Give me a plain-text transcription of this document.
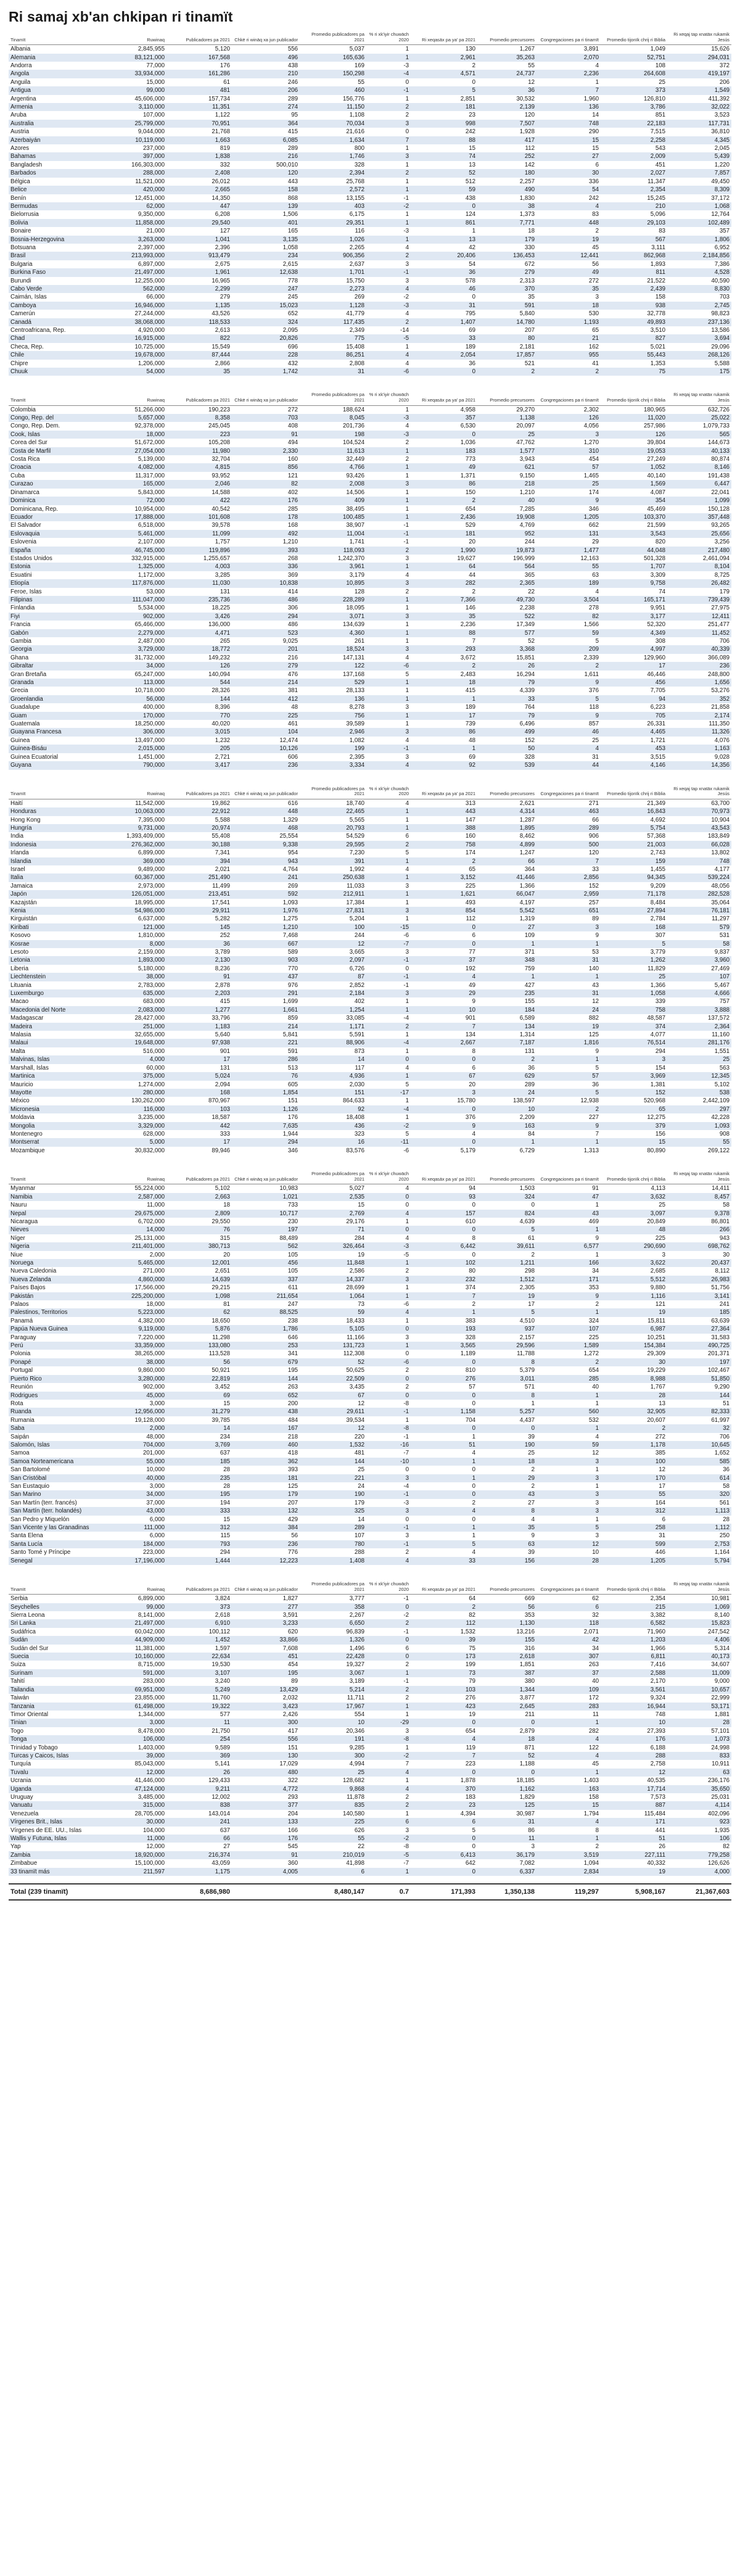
Ri samaj xb'an chkipan ri tinamït
Tinamït	Ruwinaq	Publicadores pa 2021	Chkë ri winäq xa jun publicador	Promedio publicadores pa 2021	% ri xk'iyir chuwäch 2020	Ri xeqasäx pa ya' pa 2021	Promedio precursores	Congregaciones pa ri tinamït	Promedio tijonïk chrij ri Biblia	Ri xeqaj tap xnatäx rukamik Jesús
Albania	2,845,955	5,120	556	5,037	1	130	1,267	3,891	1,049	15,626
Alemania	83,121,000	167,568	496	165,636	1	2,961	35,263	2,070	52,751	294,031
Andorra	77,000	176	438	169	-3	2	55	4	108	372
Angola	33,934,000	161,286	210	150,298	-4	4,571	24,737	2,236	264,608	419,197
Anguila	15,000	61	246	55	0	0	12	1	25	206
Antigua	99,000	481	206	460	-1	5	36	7	373	1,549
Argentina	45,606,000	157,734	289	156,776	1	2,851	30,532	1,960	126,810	411,392
Armenia	3,110,000	11,351	274	11,150	2	181	2,139	136	3,786	32,022
Aruba	107,000	1,122	95	1,108	2	23	120	14	851	3,523
Australia	25,799,000	70,951	364	70,034	3	998	7,507	748	22,183	117,731
Austria	9,044,000	21,768	415	21,616	0	242	1,928	290	7,515	36,810
Azerbaiyán	10,119,000	1,663	6,085	1,634	7	88	417	15	2,258	4,345
Azores	237,000	819	289	800	1	15	112	15	543	2,045
Bahamas	397,000	1,838	216	1,746	3	74	252	27	2,009	5,439
Bangladesh	166,303,000	332	500,010	328	1	13	142	6	451	1,220
Barbados	288,000	2,408	120	2,394	2	52	180	30	2,027	7,857
Bélgica	11,521,000	26,012	443	25,768	1	512	2,257	336	11,347	49,450
Belice	420,000	2,665	158	2,572	1	59	490	54	2,354	8,309
Benín	12,451,000	14,350	868	13,155	-1	438	1,830	242	15,245	37,172
Bermudas	62,000	447	139	403	-2	0	38	4	210	1,068
Bielorrusia	9,350,000	6,208	1,506	6,175	1	124	1,373	83	5,096	12,764
Bolivia	11,858,000	29,540	401	29,351	1	861	7,771	448	29,103	102,489
Bonaire	21,000	127	165	116	-3	1	18	2	83	357
Bosnia-Herzegovina	3,263,000	1,041	3,135	1,026	1	13	179	19	567	1,806
Botsuana	2,397,000	2,396	1,058	2,265	4	42	330	45	3,111	6,952
Brasil	213,993,000	913,479	234	906,356	2	20,406	136,453	12,441	862,968	2,184,856
Bulgaria	6,897,000	2,675	2,615	2,637	3	54	672	56	1,893	7,386
Burkina Faso	21,497,000	1,961	12,638	1,701	-1	36	279	49	811	4,528
Burundi	12,255,000	16,965	778	15,750	3	578	2,313	272	21,522	40,590
Cabo Verde	562,000	2,299	247	2,273	4	46	370	35	2,439	8,830
Caimán, Islas	66,000	279	245	269	-2	0	35	3	158	703
Camboya	16,946,000	1,135	15,023	1,128	-3	31	591	18	938	2,745
Camerún	27,244,000	43,526	652	41,779	4	795	5,840	530	32,778	98,823
Canadá	38,068,000	118,533	324	117,435	2	1,407	14,780	1,193	49,893	237,136
Centroafricana, Rep.	4,920,000	2,613	2,095	2,349	-14	69	207	65	3,510	13,586
Chad	16,915,000	822	20,826	775	-5	33	80	21	827	3,694
Checa, Rep.	10,725,000	15,549	696	15,408	1	189	2,181	162	5,021	29,096
Chile	19,678,000	87,444	228	86,251	4	2,054	17,857	955	55,443	268,126
Chipre	1,206,000	2,866	432	2,808	4	36	521	41	1,353	5,588
Chuuk	54,000	35	1,742	31	-6	0	2	2	75	175
Tinamït	Ruwinaq	Publicadores pa 2021	Chkë ri winäq xa jun publicador	Promedio publicadores pa 2021	% ri xk'iyir chuwäch 2020	Ri xeqasäx pa ya' pa 2021	Promedio precursores	Congregaciones pa ri tinamït	Promedio tijonïk chrij ri Biblia	Ri xeqaj tap xnatäx rukamik Jesús
Colombia	51,266,000	190,223	272	188,624	1	4,958	29,270	2,302	180,965	632,726
Congo, Rep. del	5,657,000	8,358	703	8,045	-3	357	1,138	126	11,020	25,022
Congo, Rep. Dem.	92,378,000	245,045	408	201,736	4	6,530	20,097	4,056	257,986	1,079,733
Cook, Islas	18,000	223	91	198	-3	0	25	3	126	565
Corea del Sur	51,672,000	105,208	494	104,524	2	1,036	47,762	1,270	39,804	144,673
Costa de Marfil	27,054,000	11,980	2,330	11,613	1	183	1,577	310	19,053	40,133
Costa Rica	5,139,000	32,704	160	32,449	2	773	3,943	454	27,249	80,874
Croacia	4,082,000	4,815	856	4,766	1	49	621	57	1,052	8,146
Cuba	11,317,000	93,952	121	93,426	1	1,371	9,150	1,465	40,140	191,438
Curazao	165,000	2,046	82	2,008	3	86	218	25	1,569	6,447
Dinamarca	5,843,000	14,588	402	14,506	1	150	1,210	174	4,087	22,041
Dominica	72,000	422	176	409	1	2	40	9	354	1,099
Dominicana, Rep.	10,954,000	40,542	285	38,495	1	654	7,285	346	45,469	150,128
Ecuador	17,888,000	101,608	178	100,485	1	2,436	19,908	1,205	103,370	357,448
El Salvador	6,518,000	39,578	168	38,907	-1	529	4,769	662	21,599	93,265
Eslovaquia	5,461,000	11,099	492	11,004	-1	181	952	131	3,543	25,656
Eslovenia	2,107,000	1,757	1,210	1,741	-1	20	244	29	820	3,256
España	46,745,000	119,896	393	118,093	2	1,990	19,873	1,477	44,048	217,480
Estados Unidos	332,915,000	1,255,657	268	1,242,370	3	19,627	196,999	12,163	501,328	2,461,094
Estonia	1,325,000	4,003	336	3,961	1	64	564	55	1,707	8,104
Esuatini	1,172,000	3,285	369	3,179	4	44	365	63	3,309	8,725
Etiopía	117,876,000	11,030	10,838	10,895	3	282	2,365	189	9,758	26,482
Feroe, Islas	53,000	131	414	128	2	2	22	4	74	179
Filipinas	111,047,000	235,736	486	228,289	1	7,366	49,730	3,504	165,171	739,439
Finlandia	5,534,000	18,225	306	18,095	1	146	2,238	278	9,951	27,975
Fiyi	902,000	3,426	294	3,071	3	35	522	82	3,177	12,411
Francia	65,466,000	136,000	486	134,639	1	2,236	17,349	1,566	52,320	251,477
Gabón	2,279,000	4,471	523	4,360	1	88	577	59	4,349	11,452
Gambia	2,487,000	265	9,025	261	1	7	52	5	308	706
Georgia	3,729,000	18,772	201	18,524	3	293	3,368	209	4,997	40,339
Ghana	31,732,000	149,232	216	147,131	4	3,672	15,851	2,339	129,960	366,089
Gibraltar	34,000	126	279	122	-6	2	26	2	17	236
Gran Bretaña	65,247,000	140,094	476	137,168	5	2,483	16,294	1,611	46,446	248,800
Granada	113,000	544	214	529	1	18	79	9	456	1,656
Grecia	10,718,000	28,326	381	28,133	1	415	4,339	376	7,705	53,276
Groenlandia	56,000	144	412	136	1	1	33	5	94	352
Guadalupe	400,000	8,396	48	8,278	3	189	764	118	6,223	21,858
Guam	170,000	770	225	756	1	17	79	9	705	2,174
Guatemala	18,250,000	40,020	461	39,589	1	739	6,496	857	26,331	111,350
Guayana Francesa	306,000	3,015	104	2,946	3	86	499	46	4,465	11,326
Guinea	13,497,000	1,232	12,474	1,082	4	48	152	25	1,721	4,076
Guinea-Bisáu	2,015,000	205	10,126	199	-1	1	50	4	453	1,163
Guinea Ecuatorial	1,451,000	2,721	606	2,395	3	69	328	31	3,515	9,028
Guyana	790,000	3,417	236	3,334	4	92	539	44	4,146	14,356
Tinamït	Ruwinaq	Publicadores pa 2021	Chkë ri winäq xa jun publicador	Promedio publicadores pa 2021	% ri xk'iyir chuwäch 2020	Ri xeqasäx pa ya' pa 2021	Promedio precursores	Congregaciones pa ri tinamït	Promedio tijonïk chrij ri Biblia	Ri xeqaj tap xnatäx rukamik Jesús
Haití	11,542,000	19,862	616	18,740	4	313	2,621	271	21,349	63,700
Honduras	10,063,000	22,912	448	22,465	1	443	4,314	463	16,843	70,973
Hong Kong	7,395,000	5,588	1,329	5,565	1	147	1,287	66	4,692	10,904
Hungría	9,731,000	20,974	468	20,793	1	388	1,895	289	5,754	43,543
India	1,393,409,000	55,408	25,554	54,529	6	160	8,462	906	57,368	183,849
Indonesia	276,362,000	30,188	9,338	29,595	2	758	4,899	500	21,003	66,028
Irlanda	6,899,000	7,341	954	7,230	5	174	1,247	120	2,743	13,802
Islandia	369,000	394	943	391	1	2	66	7	159	748
Israel	9,489,000	2,021	4,764	1,992	4	65	364	33	1,455	4,177
Italia	60,367,000	251,490	241	250,638	1	3,152	41,446	2,856	94,345	539,224
Jamaica	2,973,000	11,499	269	11,033	3	225	1,366	152	9,209	48,056
Japón	126,051,000	213,451	592	212,911	1	1,621	66,047	2,959	71,178	282,528
Kazajstán	18,995,000	17,541	1,093	17,384	1	493	4,197	257	8,484	35,064
Kenia	54,986,000	29,911	1,976	27,831	3	854	5,542	651	27,894	76,181
Kirguistán	6,637,000	5,282	1,275	5,204	1	112	1,319	89	2,784	11,297
Kiribati	121,000	145	1,210	100	-15	0	27	3	168	579
Kosovo	1,810,000	252	7,468	244	-6	6	109	9	307	531
Kosrae	8,000	36	667	12	-7	0	1	1	5	58
Lesoto	2,159,000	3,789	589	3,665	3	77	371	53	3,779	9,837
Letonia	1,893,000	2,130	903	2,097	-1	37	348	31	1,262	3,960
Liberia	5,180,000	8,236	770	6,726	0	192	759	140	11,829	27,469
Liechtenstein	38,000	91	437	87	-1	4	1	1	25	107
Lituania	2,783,000	2,878	976	2,852	-1	49	427	43	1,366	5,467
Luxemburgo	635,000	2,203	291	2,184	3	29	235	31	1,058	4,666
Macao	683,000	415	1,699	402	1	9	155	12	339	757
Macedonia del Norte	2,083,000	1,277	1,661	1,254	1	10	184	24	758	3,888
Madagascar	28,427,000	33,796	859	33,085	-4	901	6,589	882	48,587	137,572
Madeira	251,000	1,183	214	1,171	2	7	134	19	374	2,364
Malasia	32,655,000	5,640	5,841	5,591	1	134	1,314	125	4,077	11,160
Malaui	19,648,000	97,938	221	88,906	-4	2,667	7,187	1,816	76,514	281,176
Malta	516,000	901	591	873	1	8	131	9	294	1,551
Malvinas, Islas	4,000	17	286	14	0	0	2	1	3	25
Marshall, Islas	60,000	131	513	117	4	6	36	5	154	563
Martinica	375,000	5,024	76	4,936	1	67	629	57	3,969	12,345
Mauricio	1,274,000	2,094	605	2,030	5	20	289	36	1,381	5,102
Mayotte	280,000	168	1,854	151	-17	3	24	5	152	538
México	130,262,000	870,967	151	864,633	1	15,780	138,597	12,938	520,968	2,442,109
Micronesia	116,000	103	1,126	92	-4	0	10	2	65	297
Moldavia	3,235,000	18,587	176	18,408	1	376	2,209	227	12,275	42,228
Mongolia	3,329,000	442	7,635	436	-2	9	163	9	379	1,093
Montenegro	628,000	333	1,944	323	5	4	84	7	156	908
Montserrat	5,000	17	294	16	-11	0	1	1	15	55
Mozambique	30,832,000	89,946	346	83,576	-6	5,179	6,729	1,313	80,890	269,122
Tinamït	Ruwinaq	Publicadores pa 2021	Chkë ri winäq xa jun publicador	Promedio publicadores pa 2021	% ri xk'iyir chuwäch 2020	Ri xeqasäx pa ya' pa 2021	Promedio precursores	Congregaciones pa ri tinamït	Promedio tijonïk chrij ri Biblia	Ri xeqaj tap xnatäx rukamik Jesús
Myanmar	55,224,000	5,102	10,983	5,027	4	94	1,503	91	4,113	14,411
Namibia	2,587,000	2,663	1,021	2,535	0	93	324	47	3,632	8,457
Nauru	11,000	18	733	15	0	0	0	1	25	58
Nepal	29,675,000	2,809	10,717	2,769	4	157	824	43	3,097	9,378
Nicaragua	6,702,000	29,550	230	29,176	1	610	4,639	469	20,849	86,801
Nieves	14,000	76	197	71	0	0	5	1	48	266
Níger	25,131,000	315	88,489	284	4	8	61	9	225	943
Nigeria	211,401,000	380,713	562	326,464	-3	6,442	39,611	6,577	290,690	698,762
Niue	2,000	20	105	19	-5	0	2	1	3	30
Noruega	5,465,000	12,001	456	11,848	1	102	1,211	166	3,622	20,437
Nueva Caledonia	271,000	2,651	105	2,586	2	80	298	34	2,685	8,112
Nueva Zelanda	4,860,000	14,639	337	14,337	3	232	1,512	171	5,512	26,983
Países Bajos	17,566,000	29,215	611	28,699	1	374	2,305	353	9,880	51,756
Pakistán	225,200,000	1,098	211,654	1,064	1	7	19	9	1,116	3,141
Palaos	18,000	81	247	73	-6	2	17	2	121	241
Palestinos, Territorios	5,223,000	62	88,525	59	4	1	5	1	19	185
Panamá	4,382,000	18,650	238	18,433	1	383	4,510	324	15,811	63,639
Papúa Nueva Guinea	9,119,000	5,876	1,786	5,105	0	193	937	107	6,987	27,364
Paraguay	7,220,000	11,298	646	11,166	3	328	2,157	225	10,251	31,583
Perú	33,359,000	133,080	253	131,723	1	3,565	29,596	1,589	154,384	490,725
Polonia	38,265,000	113,528	341	112,308	0	1,189	11,788	1,272	29,309	201,371
Ponapé	38,000	56	679	52	-6	0	8	2	30	197
Portugal	9,860,000	50,921	195	50,625	2	810	5,379	654	19,229	102,467
Puerto Rico	3,280,000	22,819	144	22,509	0	276	3,011	285	8,988	51,850
Reunión	902,000	3,452	263	3,435	2	57	571	40	1,767	9,290
Rodrigues	45,000	69	652	67	0	0	8	1	28	144
Rota	3,000	15	200	12	-8	0	1	1	13	51
Ruanda	12,956,000	31,279	438	29,611	-1	1,158	5,257	560	32,905	82,333
Rumania	19,128,000	39,785	484	39,534	1	704	4,437	532	20,607	61,997
Saba	2,000	14	167	12	-8	0	0	1	2	32
Saipán	48,000	234	218	220	-1	1	39	4	272	706
Salomón, Islas	704,000	3,769	460	1,532	-16	51	190	59	1,178	10,645
Samoa	201,000	637	418	481	-7	4	25	12	385	1,652
Samoa Norteamericana	55,000	185	362	144	-10	1	18	3	100	585
San Bartolomé	10,000	28	393	25	0	0	2	1	12	36
San Cristóbal	40,000	235	181	221	3	1	29	3	170	614
San Eustaquio	3,000	28	125	24	-4	0	2	1	17	58
San Marino	34,000	195	179	190	-1	0	43	3	55	320
San Martín (terr. francés)	37,000	194	207	179	-3	2	27	3	164	561
San Martín (terr. holandés)	43,000	333	132	325	3	4	8	3	312	1,113
San Pedro y Miquelón	6,000	15	429	14	0	0	4	1	6	28
San Vicente y las Granadinas	111,000	312	384	289	-1	1	35	5	258	1,112
Santa Elena	6,000	115	56	107	3	1	9	3	31	250
Santa Lucía	184,000	793	236	780	-1	5	63	12	599	2,753
Santo Tomé y Príncipe	223,000	294	776	288	2	4	39	10	446	1,164
Senegal	17,196,000	1,444	12,223	1,408	4	33	156	28	1,205	5,794
Tinamït	Ruwinaq	Publicadores pa 2021	Chkë ri winäq xa jun publicador	Promedio publicadores pa 2021	% ri xk'iyir chuwäch 2020	Ri xeqasäx pa ya' pa 2021	Promedio precursores	Congregaciones pa ri tinamït	Promedio tijonïk chrij ri Biblia	Ri xeqaj tap xnatäx rukamik Jesús
Serbia	6,899,000	3,824	1,827	3,777	-1	64	669	62	2,354	10,981
Seychelles	99,000	373	277	358	0	2	56	6	215	1,069
Sierra Leona	8,141,000	2,618	3,591	2,267	-2	82	353	32	3,382	8,140
Sri Lanka	21,497,000	6,910	3,233	6,650	2	112	1,130	118	6,582	15,823
Sudáfrica	60,042,000	100,112	620	96,839	-1	1,532	13,216	2,071	71,960	247,542
Sudán	44,909,000	1,452	33,866	1,326	0	39	155	42	1,203	4,406
Sudán del Sur	11,381,000	1,597	7,608	1,496	6	75	316	34	1,966	5,314
Suecia	10,160,000	22,634	451	22,428	0	173	2,618	307	6,811	40,173
Suiza	8,715,000	19,530	454	19,327	2	199	1,851	263	7,416	34,607
Surinam	591,000	3,107	195	3,067	1	73	387	37	2,588	11,009
Tahití	283,000	3,240	89	3,189	-1	79	380	40	2,170	9,000
Tailandia	69,951,000	5,249	13,429	5,214	2	103	1,344	109	3,561	10,657
Taiwán	23,855,000	11,760	2,032	11,711	2	276	3,877	172	9,324	22,999
Tanzania	61,498,000	19,322	3,423	17,967	1	423	2,645	283	16,944	53,171
Timor Oriental	1,344,000	577	2,426	554	1	19	211	11	748	1,881
Tinian	3,000	11	300	10	-29	0	0	1	10	28
Togo	8,478,000	21,750	417	20,346	3	654	2,879	282	27,393	57,101
Tonga	106,000	254	556	191	-8	4	18	4	176	1,073
Trinidad y Tobago	1,403,000	9,589	151	9,285	1	119	871	122	6,188	24,998
Turcas y Caicos, Islas	39,000	369	130	300	-2	7	52	4	288	833
Turquía	85,043,000	5,141	17,029	4,994	7	223	1,188	45	2,758	10,911
Tuvalu	12,000	26	480	25	4	0	0	1	12	63
Ucrania	41,446,000	129,433	322	128,682	1	1,878	18,185	1,403	40,535	236,176
Uganda	47,124,000	9,211	4,772	9,868	4	370	1,162	163	17,714	35,650
Uruguay	3,485,000	12,002	293	11,878	2	183	1,829	158	7,573	25,031
Vanuatu	315,000	838	377	835	2	23	125	15	887	4,114
Venezuela	28,705,000	143,014	204	140,580	1	4,394	30,987	1,794	115,484	402,096
Vírgenes Brit., Islas	30,000	241	133	225	6	6	31	4	171	923
Vírgenes de EE. UU., Islas	104,000	637	166	626	3	5	86	8	441	1,935
Wallis y Futuna, Islas	11,000	66	176	55	-2	0	11	1	51	106
Yap	12,000	27	545	22	-8	0	3	2	26	82
Zambia	18,920,000	216,374	91	210,019	-5	6,413	36,179	3,519	227,111	779,258
Zimbabue	15,100,000	43,059	360	41,898	-7	642	7,082	1,094	40,332	126,626
33 tinamït más	211,597	1,175	4,005	6	1	0	6,337	2,834	19	4,000
Total (239 tinamït)		8,686,980		8,480,147	0.7	171,393	1,350,138	119,297	5,908,167	21,367,603
